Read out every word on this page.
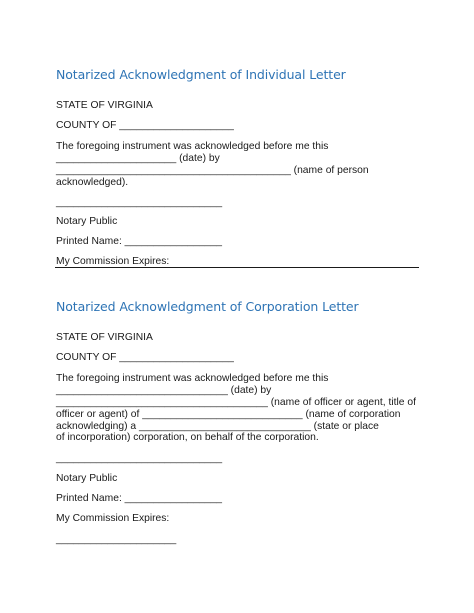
Notarized Acknowledgment of Individual Letter
STATE OF VIRGINIA
COUNTY OF ____________________
The foregoing instrument was acknowledged before me this
_____________________ (date) by
_________________________________________ (name of person
acknowledged).
_____________________________
Notary Public
Printed Name: _________________
My Commission Expires:
Notarized Acknowledgment of Corporation Letter
STATE OF VIRGINIA
COUNTY OF ____________________
The foregoing instrument was acknowledged before me this
______________________________ (date) by
_____________________________________ (name of officer or agent, title of
officer or agent) of ____________________________ (name of corporation
acknowledging) a ______________________________ (state or place
of incorporation) corporation, on behalf of the corporation.
_____________________________
Notary Public
Printed Name: _________________
My Commission Expires:
_____________________
